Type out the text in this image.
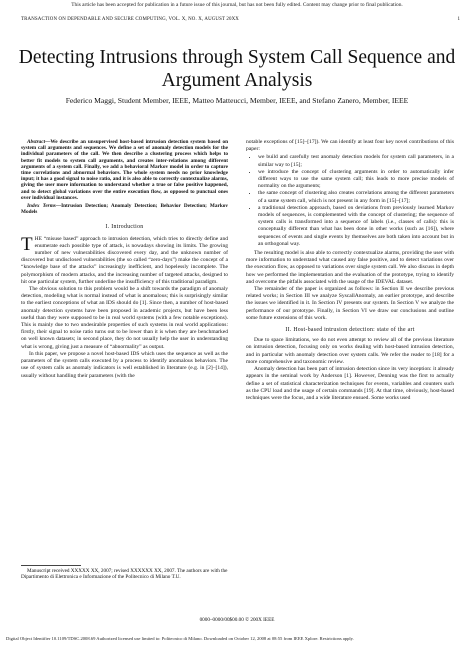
This article has been accepted for publication in a future issue of this journal, but has not been fully edited. Content may change prior to final publication.
TRANSACTION ON DEPENDABLE AND SECURE COMPUTING, VOL. X, NO. X, AUGUST 20XX	1
Detecting Intrusions through System Call Sequence and Argument Analysis
Federico Maggi, Student Member, IEEE, Matteo Matteucci, Member, IEEE, and Stefano Zanero, Member, IEEE

Abstract—We describe an unsupervised host-based intrusion detection system based on system call arguments and sequences. We define a set of anomaly detection models for the individual parameters of the call. We then describe a clustering process which helps to better fit models to system call arguments, and creates inter-relations among different arguments of a system call. Finally, we add a behavioral Markov model in order to capture time correlations and abnormal behaviors. The whole system needs no prior knowledge input; it has a good signal to noise ratio, and it is also able to correctly contextualize alarms, giving the user more information to understand whether a true or false positive happened, and to detect global variations over the entire execution flow, as opposed to punctual ones over individual instances.

Index Terms—Intrusion Detection; Anomaly Detection; Behavior Detection; Markov Models

I. Introduction

THE “misuse based” approach to intrusion detection, which tries to directly define and enumerate each possible type of attack, is nowadays showing its limits. The growing number of new vulnerabilities discovered every day, and the unknown number of discovered but undisclosed vulnerabilities (the so called “zero-days”) make the concept of a “knowledge base of the attacks” increasingly inefficient, and hopelessly incomplete. The polymorphism of modern attacks, and the increasing number of targeted attacks, designed to hit one particular system, further underline the insufficiency of this traditional paradigm.

The obvious solution to this problem would be a shift towards the paradigm of anomaly detection, modeling what is normal instead of what is anomalous; this is surprisingly similar to the earliest conceptions of what an IDS should do [1]. Since then, a number of host-based anomaly detection systems have been proposed in academic projects, but have been less useful than they were supposed to be in real world systems (with a few notable exceptions). This is mainly due to two undesirable properties of such systems in real world applications: firstly, their signal to noise ratio turns out to be lower than it is when they are benchmarked on well known datasets; in second place, they do not usually help the user in understanding what is wrong, giving just a measure of “abnormality” as output.

In this paper, we propose a novel host-based IDS which uses the sequence as well as the parameters of the system calls executed by a process to identify anomalous behaviors. The use of system calls as anomaly indicators is well established in literature (e.g. in [2]–[14]), usually without handling their parameters (with the

Manuscript received XXXXX XX, 2007; revised XXXXXX XX, 2007. The authors are with the Dipartimento di Elettronica e Informazione of the Politecnico di Milano T.U.

notable exceptions of [15]–[17]). We can identify at least four key novel contributions of this paper:

• we build and carefully test anomaly detection models for system call parameters, in a similar way to [15];
• we introduce the concept of clustering arguments in order to automatically infer different ways to use the same system call; this leads to more precise models of normality on the arguments;
• the same concept of clustering also creates correlations among the different parameters of a same system call, which is not present in any form in [15]–[17];
• a traditional detection approach, based on deviations from previously learned Markov models of sequences, is complemented with the concept of clustering; the sequence of system calls is transformed into a sequence of labels (i.e., classes of calls): this is conceptually different than what has been done in other works (such as [16]), where sequences of events and single events by themselves are both taken into account but in an orthogonal way.

The resulting model is also able to correctly contextualize alarms, providing the user with more information to understand what caused any false positive, and to detect variations over the execution flow, as opposed to variations over single system call. We also discuss in depth how we performed the implementation and the evaluation of the prototype, trying to identify and overcome the pitfalls associated with the usage of the IDEVAL dataset.

The remainder of the paper is organized as follows: in Section II we describe previous related works; in Section III we analyze SyscallAnomaly, an earlier prototype, and describe the issues we identified in it. In Section IV presents our system. In Section V we analyze the performance of our prototype. Finally, in Section VI we draw our conclusions and outline some future extensions of this work.

II. Host-based intrusion detection: state of the art

Due to space limitations, we do not even attempt to review all of the previous literature on intrusion detection, focusing only on works dealing with host-based intrusion detection, and in particular with anomaly detection over system calls. We refer the reader to [18] for a more comprehensive and taxonomic review.

Anomaly detection has been part of intrusion detection since its very inception: it already appears in the seminal work by Anderson [1]. However, Denning was the first to actually define a set of statistical characterization techniques for events, variables and counters such as the CPU load and the usage of certain commands [19]. At that time, obviously, host-based techniques were the focus, and a wide literature ensued. Some works used

0000–0000/00$00.00 © 200X IEEE
Digital Object Identifier 10.1109/TDSC.2008.69 Authorized licensed use limited to: Politecnico di Milano. Downloaded on October 12, 2008 at 08:55 from IEEE Xplore. Restrictions apply.
